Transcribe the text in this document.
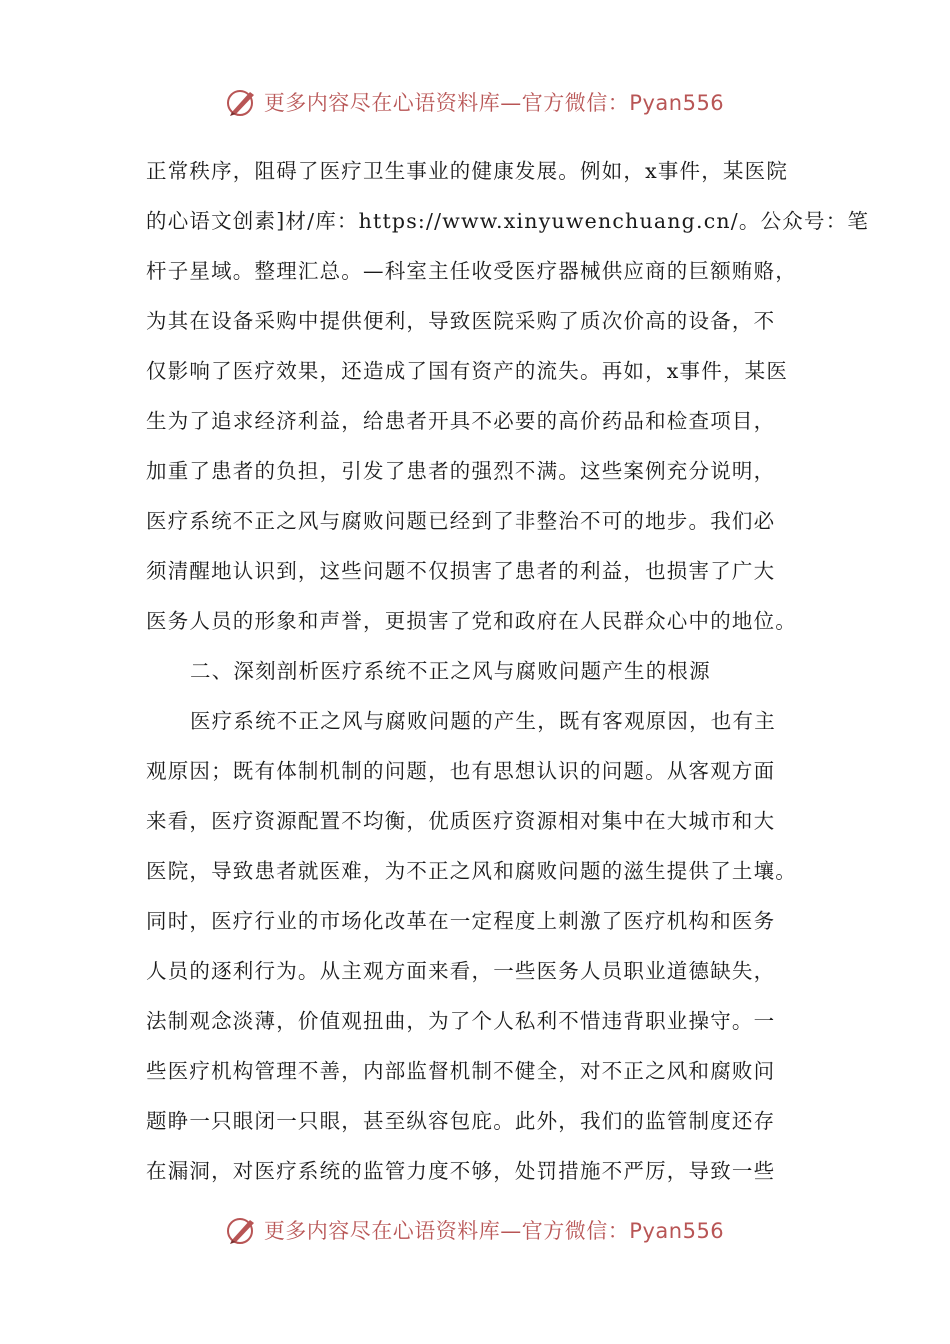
更多内容尽在心语资料库—官方微信：Pyan556
正常秩序，阻碍了医疗卫生事业的健康发展。例如，x事件，某医院
的心语文创素]材/库：https://www.xinyuwenchuang.cn/。公众号：笔
杆子星域。整理汇总。—科室主任收受医疗器械供应商的巨额贿赂，
为其在设备采购中提供便利，导致医院采购了质次价高的设备，不
仅影响了医疗效果，还造成了国有资产的流失。再如，x事件，某医
生为了追求经济利益，给患者开具不必要的高价药品和检查项目，
加重了患者的负担，引发了患者的强烈不满。这些案例充分说明，
医疗系统不正之风与腐败问题已经到了非整治不可的地步。我们必
须清醒地认识到，这些问题不仅损害了患者的利益，也损害了广大
医务人员的形象和声誉，更损害了党和政府在人民群众心中的地位。
二、深刻剖析医疗系统不正之风与腐败问题产生的根源
医疗系统不正之风与腐败问题的产生，既有客观原因，也有主
观原因；既有体制机制的问题，也有思想认识的问题。从客观方面
来看，医疗资源配置不均衡，优质医疗资源相对集中在大城市和大
医院，导致患者就医难，为不正之风和腐败问题的滋生提供了土壤。
同时，医疗行业的市场化改革在一定程度上刺激了医疗机构和医务
人员的逐利行为。从主观方面来看，一些医务人员职业道德缺失，
法制观念淡薄，价值观扭曲，为了个人私利不惜违背职业操守。一
些医疗机构管理不善，内部监督机制不健全，对不正之风和腐败问
题睁一只眼闭一只眼，甚至纵容包庇。此外，我们的监管制度还存
在漏洞，对医疗系统的监管力度不够，处罚措施不严厉，导致一些
更多内容尽在心语资料库—官方微信：Pyan556
